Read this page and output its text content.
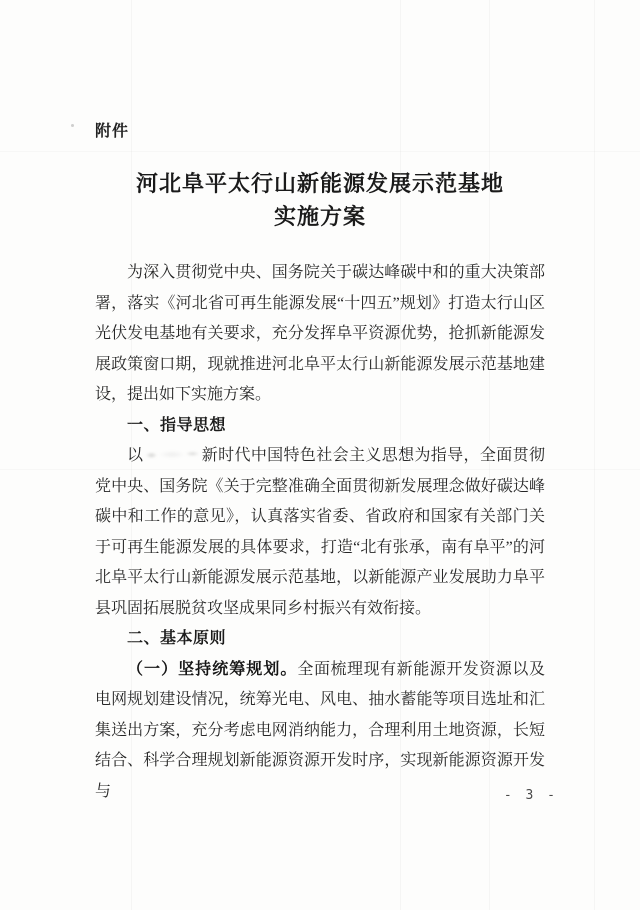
附件
河北阜平太行山新能源发展示范基地
实施方案

为深入贯彻党中央、国务院关于碳达峰碳中和的重大决策部署，落实《河北省可再生能源发展“十四五”规划》打造太行山区光伏发电基地有关要求，充分发挥阜平资源优势，抢抓新能源发展政策窗口期，现就推进河北阜平太行山新能源发展示范基地建设，提出如下实施方案。

一、指导思想

以	新时代中国特色社会主义思想为指导，全面贯彻党中央、国务院《关于完整准确全面贯彻新发展理念做好碳达峰碳中和工作的意见》，认真落实省委、省政府和国家有关部门关于可再生能源发展的具体要求，打造“北有张承，南有阜平”的河北阜平太行山新能源发展示范基地，以新能源产业发展助力阜平县巩固拓展脱贫攻坚成果同乡村振兴有效衔接。

二、基本原则

（一）坚持统筹规划。全面梳理现有新能源开发资源以及电网规划建设情况，统筹光电、风电、抽水蓄能等项目选址和汇集送出方案，充分考虑电网消纳能力，合理利用土地资源，长短结合、科学合理规划新能源资源开发时序，实现新能源资源开发与	- 3 -
